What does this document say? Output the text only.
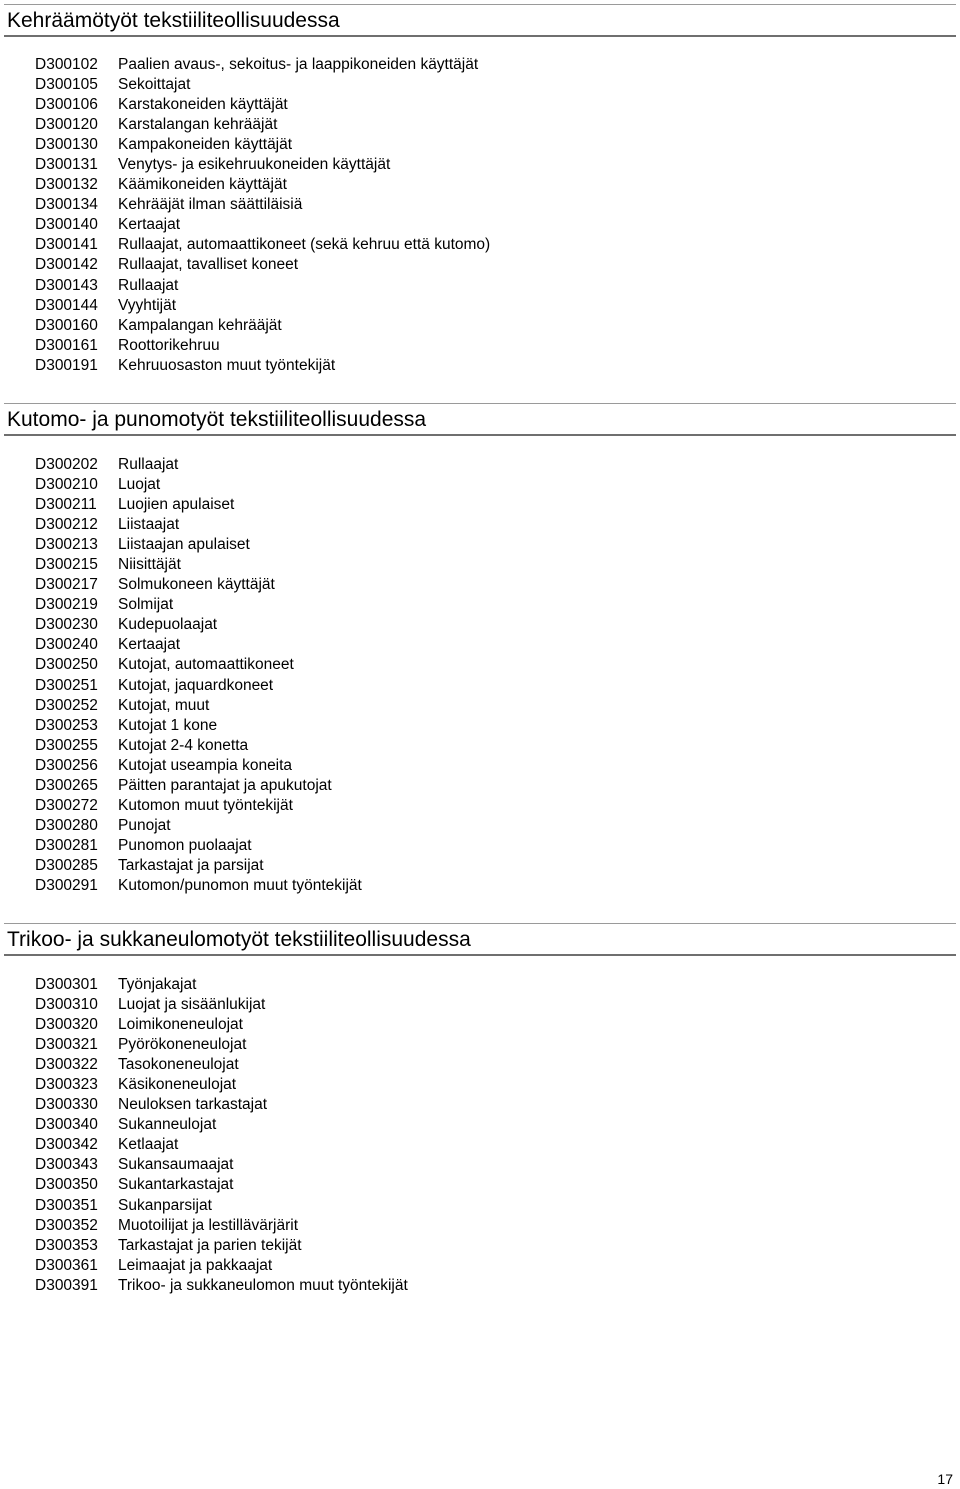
Kehräämötyöt tekstiiliteollisuudessa
D300102 Paalien avaus-, sekoitus- ja laappikoneiden käyttäjät
D300105 Sekoittajat
D300106 Karstakoneiden käyttäjät
D300120 Karstalangan kehrääjät
D300130 Kampakoneiden käyttäjät
D300131 Venytys- ja esikehruukoneiden käyttäjät
D300132 Käämikoneiden käyttäjät
D300134 Kehrääjät ilman säättiläisiä
D300140 Kertaajat
D300141 Rullaajat, automaattikoneet (sekä kehruu että kutomo)
D300142 Rullaajat, tavalliset koneet
D300143 Rullaajat
D300144 Vyyhtijät
D300160 Kampalangan kehrääjät
D300161 Roottorikehruu
D300191 Kehruuosaston muut työntekijät
Kutomo- ja punomotyöt tekstiiliteollisuudessa
D300202 Rullaajat
D300210 Luojat
D300211 Luojien apulaiset
D300212 Liistaajat
D300213 Liistaajan apulaiset
D300215 Niisittäjät
D300217 Solmukoneen käyttäjät
D300219 Solmijat
D300230 Kudepuolaajat
D300240 Kertaajat
D300250 Kutojat, automaattikoneet
D300251 Kutojat, jaquardkoneet
D300252 Kutojat, muut
D300253 Kutojat 1 kone
D300255 Kutojat 2-4 konetta
D300256 Kutojat useampia koneita
D300265 Päitten parantajat ja apukutojat
D300272 Kutomon muut työntekijät
D300280 Punojat
D300281 Punomon puolaajat
D300285 Tarkastajat ja parsijat
D300291 Kutomon/punomon muut työntekijät
Trikoo- ja sukkaneulomotyöt tekstiiliteollisuudessa
D300301 Työnjakajat
D300310 Luojat ja sisäänlukijat
D300320 Loimikoneneulojat
D300321 Pyörökoneneulojat
D300322 Tasokoneneulojat
D300323 Käsikoneneulojat
D300330 Neuloksen tarkastajat
D300340 Sukanneulojat
D300342 Ketlaajat
D300343 Sukansaumaajat
D300350 Sukantarkastajat
D300351 Sukanparsijat
D300352 Muotoilijat ja lestillävärjärit
D300353 Tarkastajat ja parien tekijät
D300361 Leimaajat ja pakkaajat
D300391 Trikoo- ja sukkaneulomon muut työntekijät
17
